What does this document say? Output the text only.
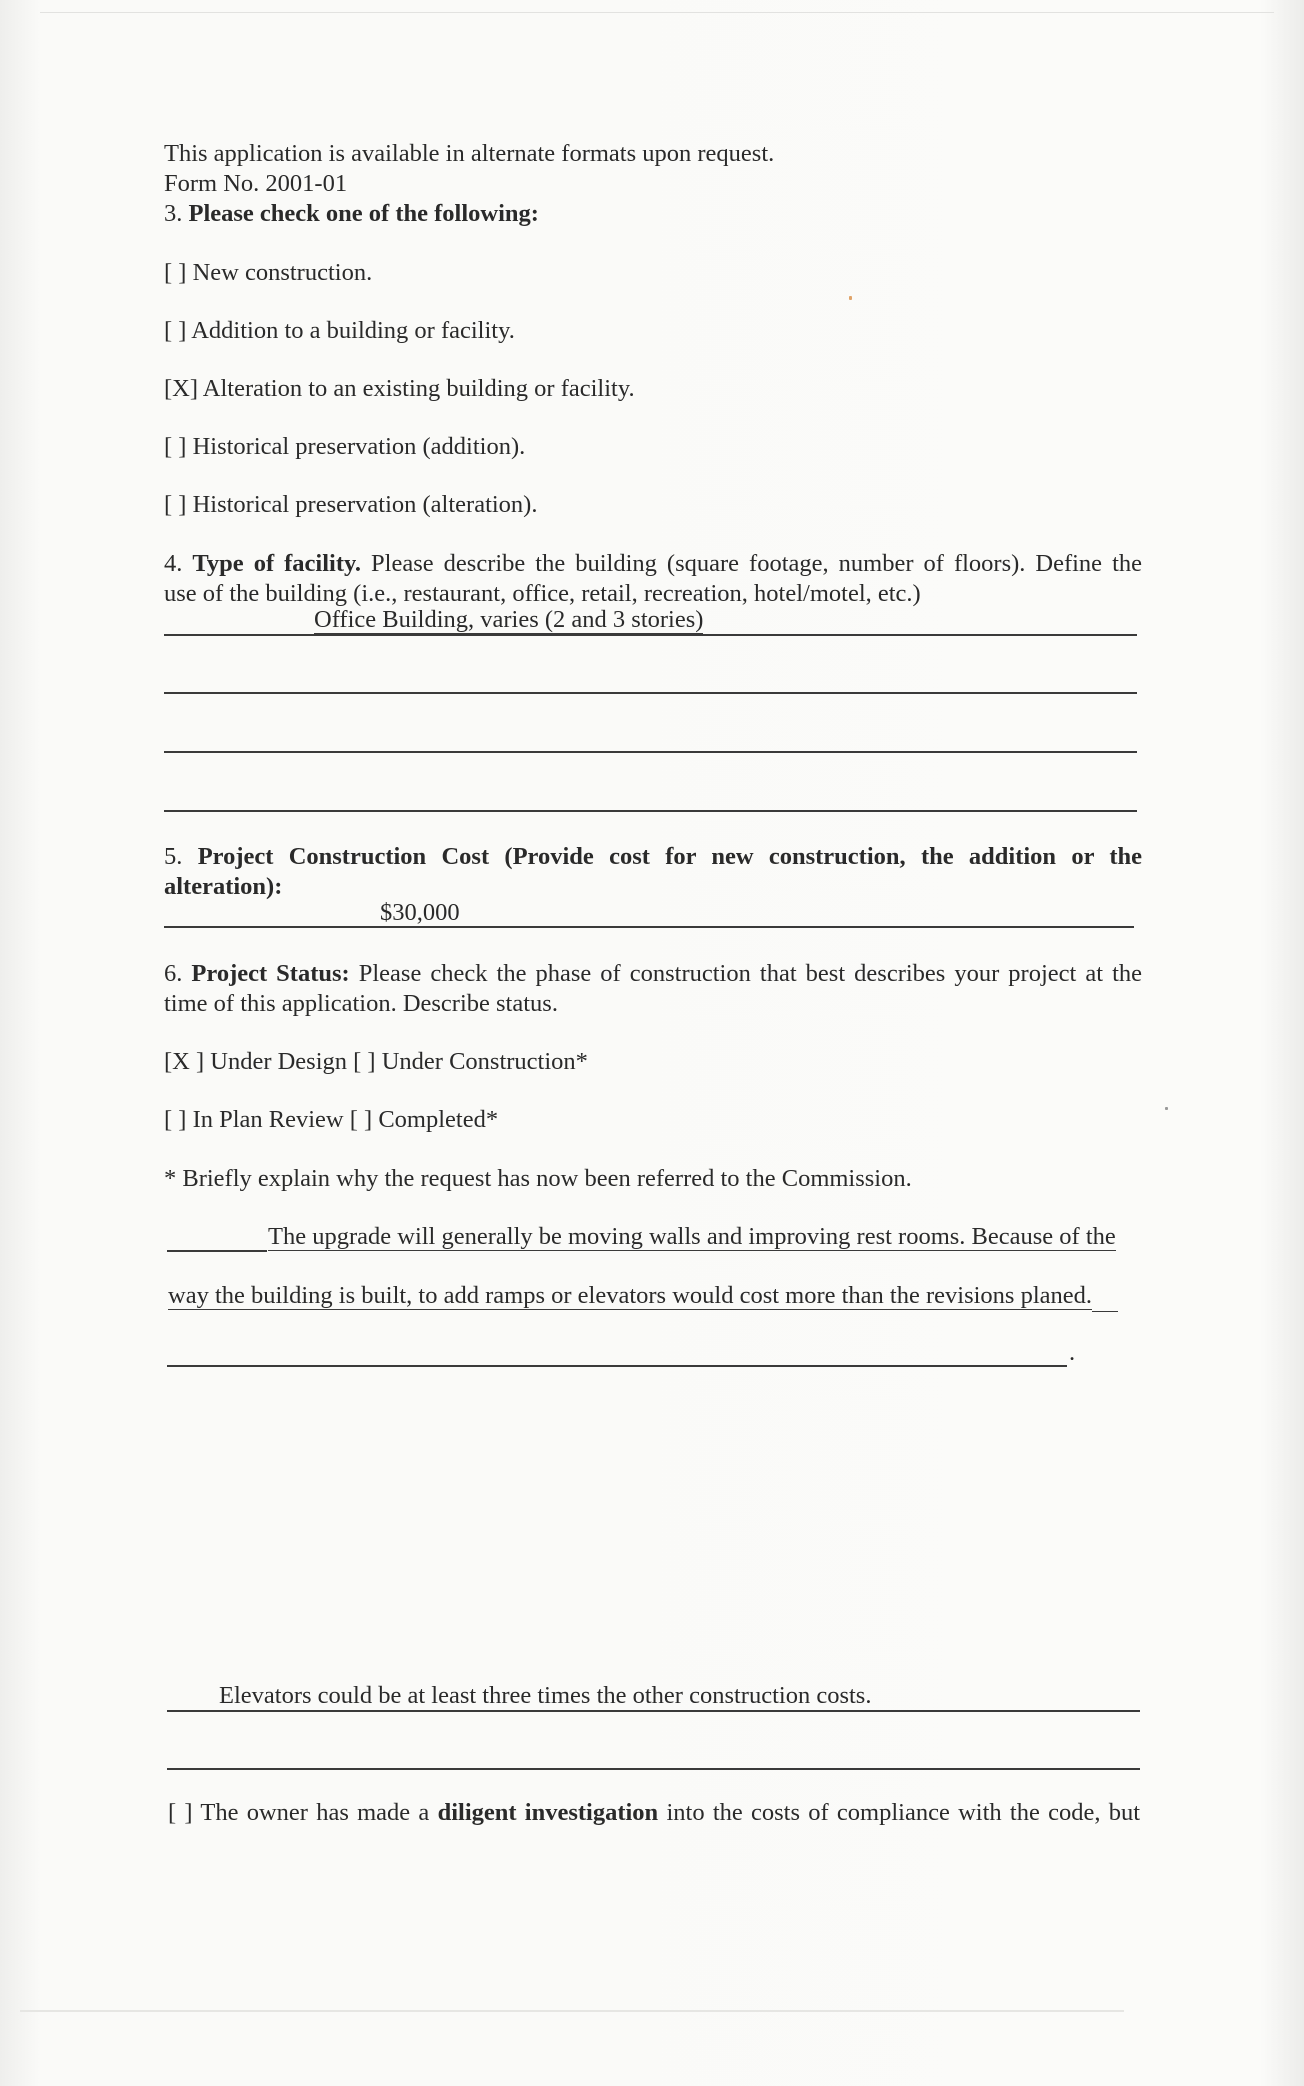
This application is available in alternate formats upon request.
Form No. 2001-01
3. Please check one of the following:
[ ] New construction.
[ ] Addition to a building or facility.
[X] Alteration to an existing building or facility.
[ ] Historical preservation (addition).
[ ] Historical preservation (alteration).
4. Type of facility. Please describe the building (square footage, number of floors). Define the
use of the building (i.e., restaurant, office, retail, recreation, hotel/motel, etc.)
Office Building, varies (2 and 3 stories)
5. Project Construction Cost (Provide cost for new construction, the addition or the
alteration):
$30,000
6. Project Status: Please check the phase of construction that best describes your project at the
time of this application. Describe status.
[X ] Under Design [ ] Under Construction*
[ ] In Plan Review [ ] Completed*
* Briefly explain why the request has now been referred to the Commission.
The upgrade will generally be moving walls and improving rest rooms. Because of the
way the building is built, to add ramps or elevators would cost more than the revisions planed.
.
Elevators could be at least three times the other construction costs.
[ ] The owner has made a diligent investigation into the costs of compliance with the code, but
